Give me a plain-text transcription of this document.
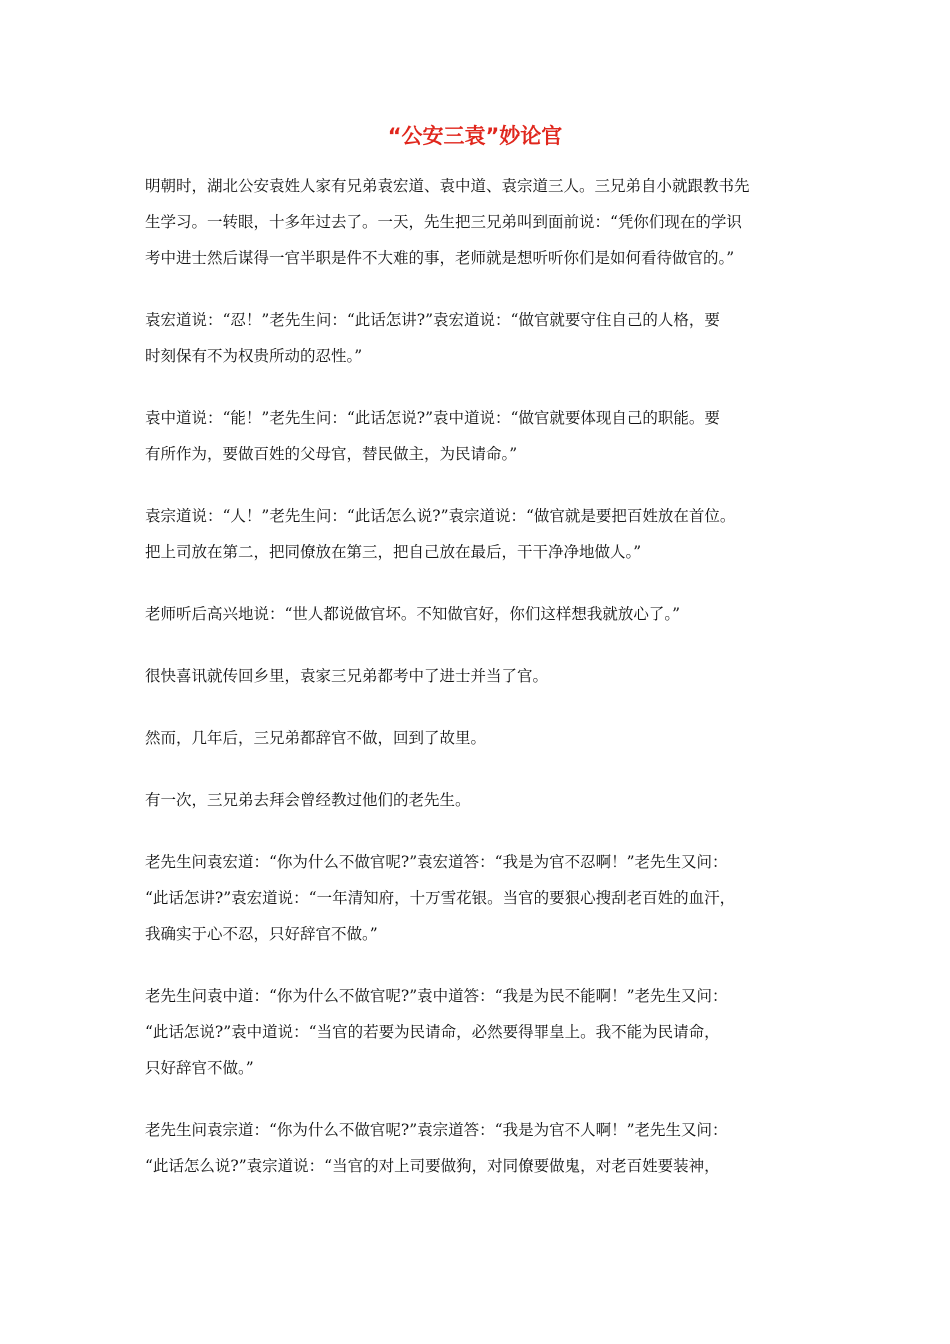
“公安三袁”妙论官

明朝时，湖北公安袁姓人家有兄弟袁宏道、袁中道、袁宗道三人。三兄弟自小就跟教书先
生学习。一转眼，十多年过去了。一天，先生把三兄弟叫到面前说：“凭你们现在的学识
考中进士然后谋得一官半职是件不大难的事，老师就是想听听你们是如何看待做官的。”

袁宏道说：“忍！”老先生问：“此话怎讲?”袁宏道说：“做官就要守住自己的人格，要
时刻保有不为权贵所动的忍性。”

袁中道说：“能！”老先生问：“此话怎说?”袁中道说：“做官就要体现自己的职能。要
有所作为，要做百姓的父母官，替民做主，为民请命。”

袁宗道说：“人！”老先生问：“此话怎么说?”袁宗道说：“做官就是要把百姓放在首位。
把上司放在第二，把同僚放在第三，把自己放在最后，干干净净地做人。”

老师听后高兴地说：“世人都说做官坏。不知做官好，你们这样想我就放心了。”

很快喜讯就传回乡里，袁家三兄弟都考中了进士并当了官。

然而，几年后，三兄弟都辞官不做，回到了故里。

有一次，三兄弟去拜会曾经教过他们的老先生。

老先生问袁宏道：“你为什么不做官呢?”袁宏道答：“我是为官不忍啊！”老先生又问：
“此话怎讲?”袁宏道说：“一年清知府，十万雪花银。当官的要狠心搜刮老百姓的血汗，
我确实于心不忍，只好辞官不做。”

老先生问袁中道：“你为什么不做官呢?”袁中道答：“我是为民不能啊！”老先生又问：
“此话怎说?”袁中道说：“当官的若要为民请命，必然要得罪皇上。我不能为民请命，
只好辞官不做。”

老先生问袁宗道：“你为什么不做官呢?”袁宗道答：“我是为官不人啊！”老先生又问：
“此话怎么说?”袁宗道说：“当官的对上司要做狗，对同僚要做鬼，对老百姓要装神，
